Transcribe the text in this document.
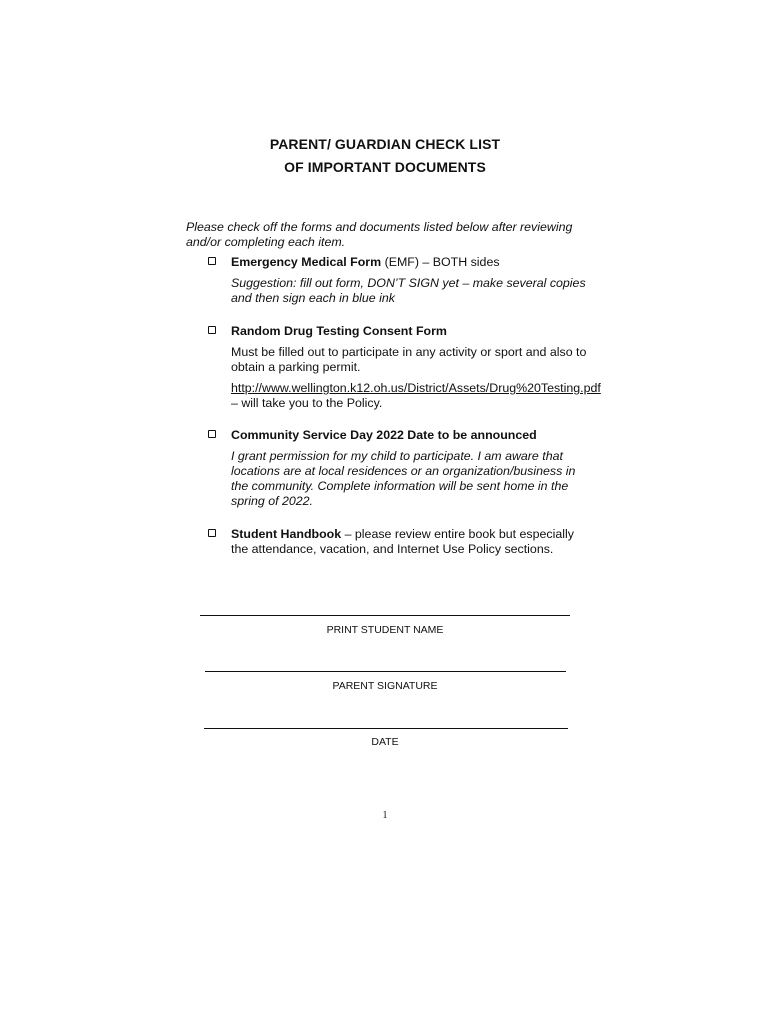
PARENT/ GUARDIAN CHECK LIST
OF IMPORTANT DOCUMENTS
Please check off the forms and documents listed below after reviewing and/or completing each item.
Emergency Medical Form (EMF) – BOTH sides
Suggestion: fill out form, DON’T SIGN yet – make several copies and then sign each in blue ink
Random Drug Testing Consent Form
Must be filled out to participate in any activity or sport and also to obtain a parking permit.
http://www.wellington.k12.oh.us/District/Assets/Drug%20Testing.pdf – will take you to the Policy.
Community Service Day 2022 Date to be announced
I grant permission for my child to participate. I am aware that locations are at local residences or an organization/business in the community. Complete information will be sent home in the spring of 2022.
Student Handbook – please review entire book but especially the attendance, vacation, and Internet Use Policy sections.
PRINT STUDENT NAME
PARENT SIGNATURE
DATE
1
